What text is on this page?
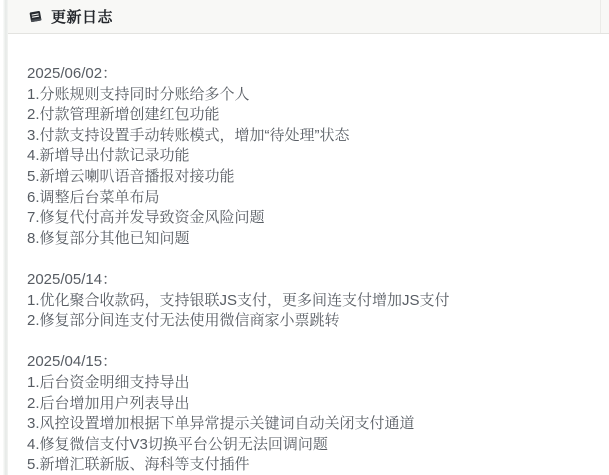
更新日志
2025/06/02：
1.分账规则支持同时分账给多个人
2.付款管理新增创建红包功能
3.付款支持设置手动转账模式，增加“待处理”状态
4.新增导出付款记录功能
5.新增云喇叭语音播报对接功能
6.调整后台菜单布局
7.修复代付高并发导致资金风险问题
8.修复部分其他已知问题
2025/05/14：
1.优化聚合收款码，支持银联JS支付，更多间连支付增加JS支付
2.修复部分间连支付无法使用微信商家小票跳转
2025/04/15：
1.后台资金明细支持导出
2.后台增加用户列表导出
3.风控设置增加根据下单异常提示关键词自动关闭支付通道
4.修复微信支付V3切换平台公钥无法回调问题
5.新增汇联新版、海科等支付插件
